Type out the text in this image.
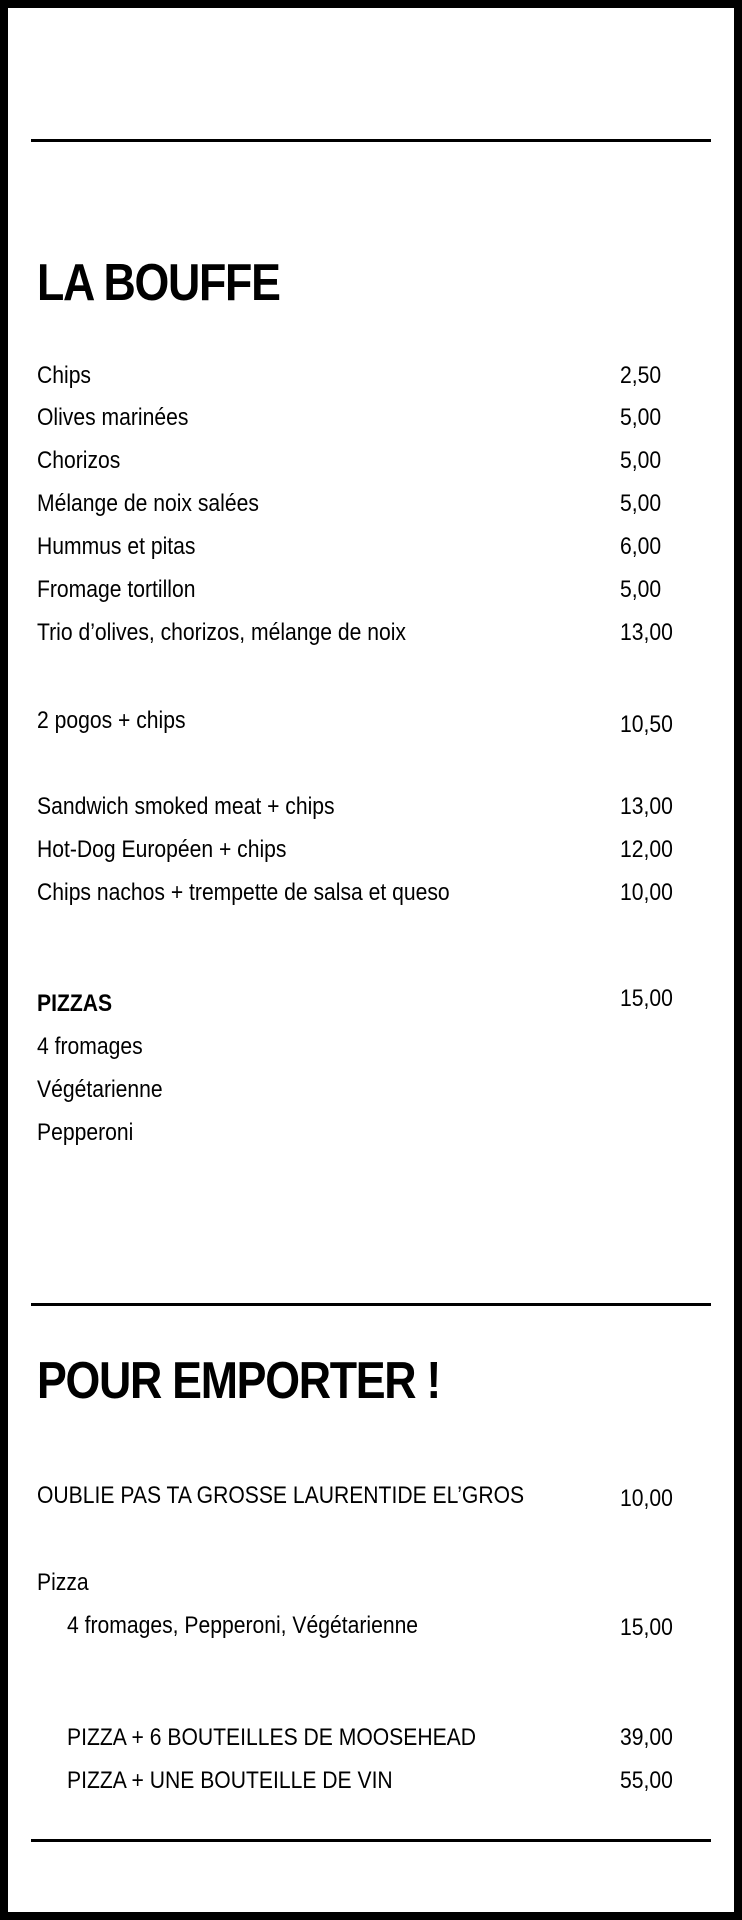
LA BOUFFE
Chips	2,50
Olives marinées	5,00
Chorizos	5,00
Mélange de noix salées	5,00
Hummus et pitas	6,00
Fromage tortillon	5,00
Trio d’olives, chorizos, mélange de noix	13,00
2 pogos + chips	10,50
Sandwich smoked meat + chips	13,00
Hot-Dog Européen + chips	12,00
Chips nachos + trempette de salsa et queso	10,00
PIZZAS	15,00
4 fromages
Végétarienne
Pepperoni
POUR EMPORTER !
OUBLIE PAS TA GROSSE LAURENTIDE EL’GROS	10,00
Pizza
4 fromages, Pepperoni, Végétarienne	15,00
PIZZA + 6 BOUTEILLES DE MOOSEHEAD	39,00
PIZZA + UNE BOUTEILLE DE VIN	55,00
